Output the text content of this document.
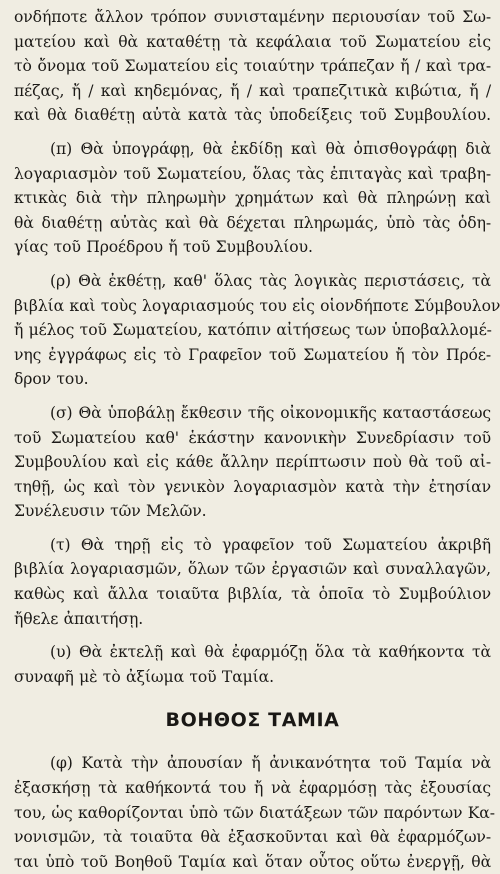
ονδήποτε ἄλλον τρόπον συνισταμένην περιουσίαν τοῦ Σω-
ματείου καὶ θὰ καταθέτῃ τὰ κεφάλαια τοῦ Σωματείου εἰς
τὸ ὄνομα τοῦ Σωματείου εἰς τοιαύτην τράπεζαν ἤ / καὶ τρα-
πέζας, ἤ / καὶ κηδεμόνας, ἤ / καὶ τραπεζιτικὰ κιβώτια, ἤ /
καὶ θὰ διαθέτῃ αὐτὰ κατὰ τὰς ὑποδείξεις τοῦ Συμβουλίου.
(π) Θὰ ὑπογράφῃ, θὰ ἐκδίδῃ καὶ θὰ ὀπισθογράφῃ διὰ
λογαριασμὸν τοῦ Σωματείου, ὅλας τὰς ἐπιταγὰς καὶ τραβη-
κτικὰς διὰ τὴν πληρωμὴν χρημάτων καὶ θὰ πληρώνῃ καὶ
θὰ διαθέτῃ αὐτὰς καὶ θὰ δέχεται πληρωμάς, ὑπὸ τὰς ὁδη-
γίας τοῦ Προέδρου ἤ τοῦ Συμβουλίου.
(ρ) Θὰ ἐκθέτῃ, καθ' ὅλας τὰς λογικὰς περιστάσεις, τὰ
βιβλία καὶ τοὺς λογαριασμούς του εἰς οἱονδήποτε Σύμβουλον
ἤ μέλος τοῦ Σωματείου, κατόπιν αἰτήσεως των ὑποβαλλομέ-
νης ἐγγράφως εἰς τὸ Γραφεῖον τοῦ Σωματείου ἤ τὸν Πρόε-
δρον του.
(σ) Θὰ ὑποβάλῃ ἔκθεσιν τῆς οἰκονομικῆς καταστάσεως
τοῦ Σωματείου καθ' ἑκάστην κανονικὴν Συνεδρίασιν τοῦ
Συμβουλίου καὶ εἰς κάθε ἄλλην περίπτωσιν ποὺ θὰ τοῦ αἰ-
τηθῇ, ὡς καὶ τὸν γενικὸν λογαριασμὸν κατὰ τὴν ἐτησίαν
Συνέλευσιν τῶν Μελῶν.
(τ) Θὰ τηρῇ εἰς τὸ γραφεῖον τοῦ Σωματείου ἀκριβῆ
βιβλία λογαριασμῶν, ὅλων τῶν ἐργασιῶν καὶ συναλλαγῶν,
καθὼς καὶ ἄλλα τοιαῦτα βιβλία, τὰ ὁποῖα τὸ Συμβούλιον
ἤθελε ἀπαιτήσῃ.
(υ) Θὰ ἐκτελῇ καὶ θὰ ἐφαρμόζῃ ὅλα τὰ καθήκοντα τὰ
συναφῆ μὲ τὸ ἀξίωμα τοῦ Ταμία.
ΒΟΗΘΟΣ ΤΑΜΙΑ
(φ) Κατὰ τὴν ἀπουσίαν ἤ ἀνικανότητα τοῦ Ταμία νὰ
ἐξασκήσῃ τὰ καθήκοντά του ἤ νὰ ἐφαρμόσῃ τὰς ἐξουσίας
του, ὡς καθορίζονται ὑπὸ τῶν διατάξεων τῶν παρόντων Κα-
νονισμῶν, τὰ τοιαῦτα θὰ ἐξασκοῦνται καὶ θὰ ἐφαρμόζων-
ται ὑπὸ τοῦ Βοηθοῦ Ταμία καὶ ὅταν οὗτος οὕτω ἐνεργῇ, θὰ
